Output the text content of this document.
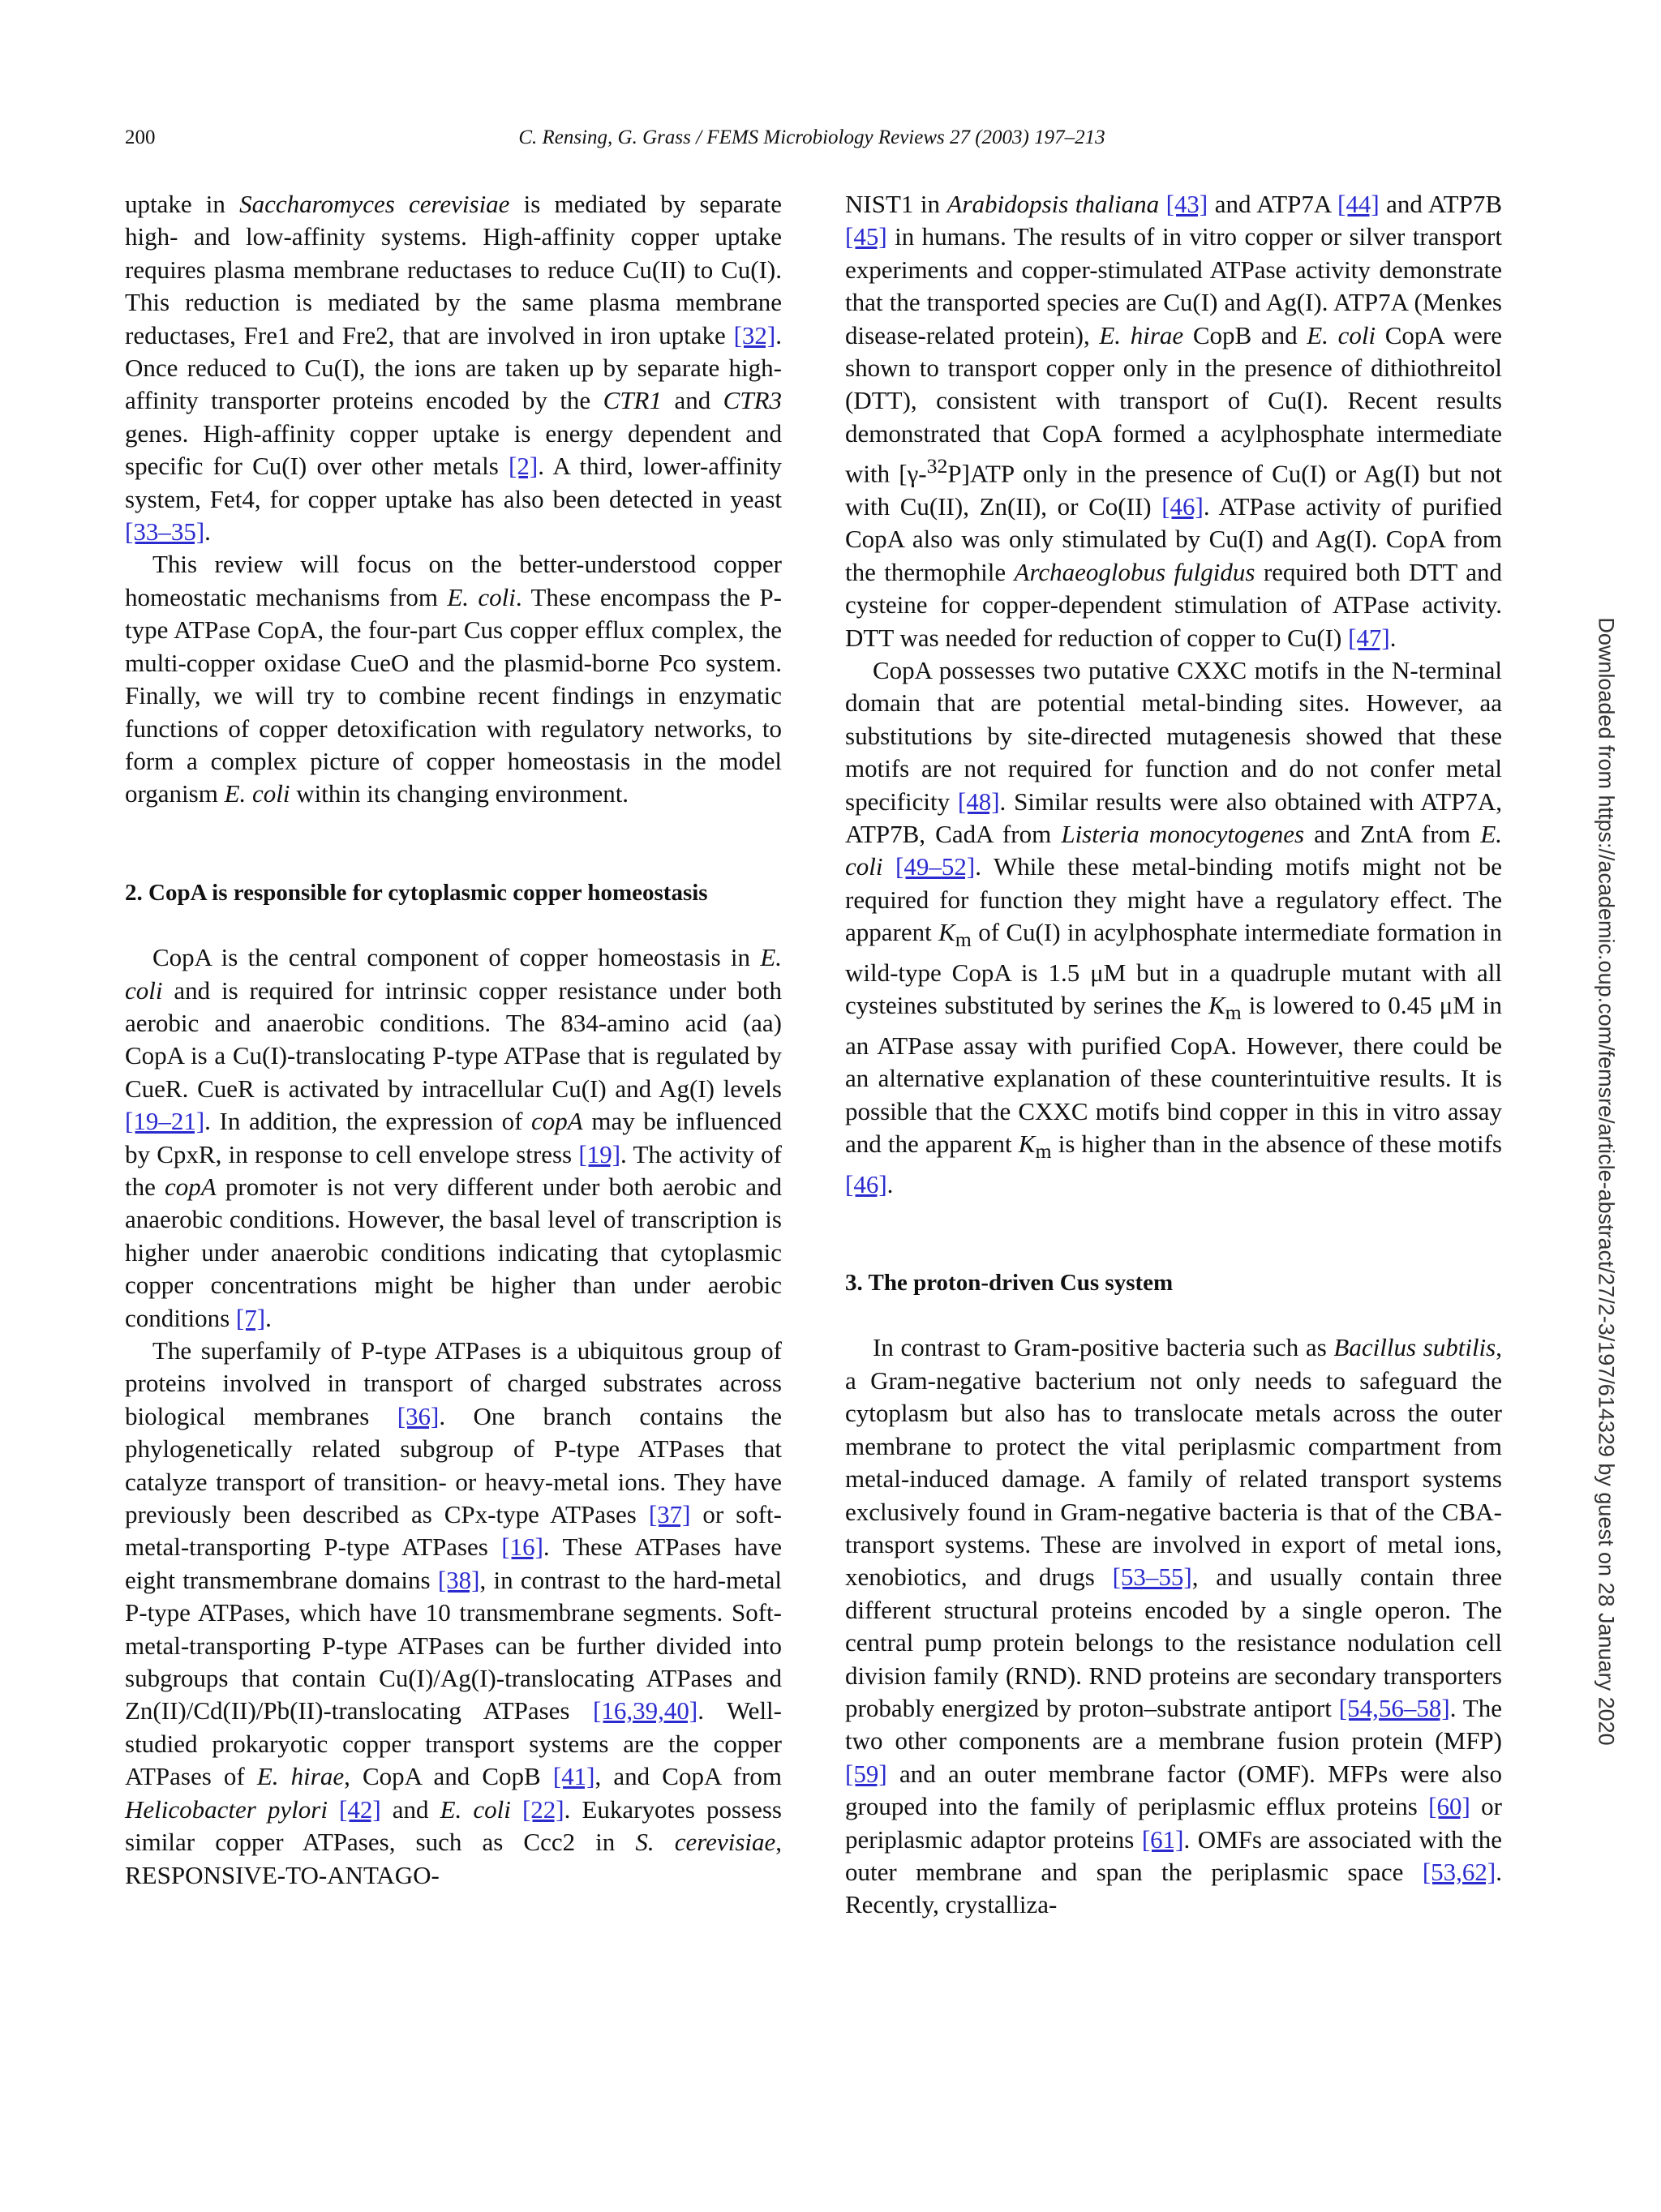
200	C. Rensing, G. Grass / FEMS Microbiology Reviews 27 (2003) 197–213

uptake in Saccharomyces cerevisiae is mediated by separate high- and low-affinity systems. High-affinity copper uptake requires plasma membrane reductases to reduce Cu(II) to Cu(I). This reduction is mediated by the same plasma membrane reductases, Fre1 and Fre2, that are involved in iron uptake [32]. Once reduced to Cu(I), the ions are taken up by separate high-affinity transporter proteins encoded by the CTR1 and CTR3 genes. High-affinity copper uptake is energy dependent and specific for Cu(I) over other metals [2]. A third, lower-affinity system, Fet4, for copper uptake has also been detected in yeast [33–35].

This review will focus on the better-understood copper homeostatic mechanisms from E. coli. These encompass the P-type ATPase CopA, the four-part Cus copper efflux complex, the multi-copper oxidase CueO and the plasmid-borne Pco system. Finally, we will try to combine recent findings in enzymatic functions of copper detoxification with regulatory networks, to form a complex picture of copper homeostasis in the model organism E. coli within its changing environment.

2. CopA is responsible for cytoplasmic copper homeostasis

CopA is the central component of copper homeostasis in E. coli and is required for intrinsic copper resistance under both aerobic and anaerobic conditions. The 834-amino acid (aa) CopA is a Cu(I)-translocating P-type ATPase that is regulated by CueR. CueR is activated by intracellular Cu(I) and Ag(I) levels [19–21]. In addition, the expression of copA may be influenced by CpxR, in response to cell envelope stress [19]. The activity of the copA promoter is not very different under both aerobic and anaerobic conditions. However, the basal level of transcription is higher under anaerobic conditions indicating that cytoplasmic copper concentrations might be higher than under aerobic conditions [7].

The superfamily of P-type ATPases is a ubiquitous group of proteins involved in transport of charged substrates across biological membranes [36]. One branch contains the phylogenetically related subgroup of P-type ATPases that catalyze transport of transition- or heavy-metal ions. They have previously been described as CPx-type ATPases [37] or soft-metal-transporting P-type ATPases [16]. These ATPases have eight transmembrane domains [38], in contrast to the hard-metal P-type ATPases, which have 10 transmembrane segments. Soft-metal-transporting P-type ATPases can be further divided into subgroups that contain Cu(I)/Ag(I)-translocating ATPases and Zn(II)/Cd(II)/Pb(II)-translocating ATPases [16,39,40]. Well-studied prokaryotic copper transport systems are the copper ATPases of E. hirae, CopA and CopB [41], and CopA from Helicobacter pylori [42] and E. coli [22]. Eukaryotes possess similar copper ATPases, such as Ccc2 in S. cerevisiae, RESPONSIVE-TO-ANTAGO-

NIST1 in Arabidopsis thaliana [43] and ATP7A [44] and ATP7B [45] in humans. The results of in vitro copper or silver transport experiments and copper-stimulated ATPase activity demonstrate that the transported species are Cu(I) and Ag(I). ATP7A (Menkes disease-related protein), E. hirae CopB and E. coli CopA were shown to transport copper only in the presence of dithiothreitol (DTT), consistent with transport of Cu(I). Recent results demonstrated that CopA formed a acylphosphate intermediate with [γ-$^{32}$P]ATP only in the presence of Cu(I) or Ag(I) but not with Cu(II), Zn(II), or Co(II) [46]. ATPase activity of purified CopA also was only stimulated by Cu(I) and Ag(I). CopA from the thermophile Archaeoglobus fulgidus required both DTT and cysteine for copper-dependent stimulation of ATPase activity. DTT was needed for reduction of copper to Cu(I) [47].

CopA possesses two putative CXXC motifs in the N-terminal domain that are potential metal-binding sites. However, aa substitutions by site-directed mutagenesis showed that these motifs are not required for function and do not confer metal specificity [48]. Similar results were also obtained with ATP7A, ATP7B, CadA from Listeria monocytogenes and ZntA from E. coli [49–52]. While these metal-binding motifs might not be required for function they might have a regulatory effect. The apparent $K_m$ of Cu(I) in acylphosphate intermediate formation in wild-type CopA is 1.5 μM but in a quadruple mutant with all cysteines substituted by serines the $K_m$ is lowered to 0.45 μM in an ATPase assay with purified CopA. However, there could be an alternative explanation of these counterintuitive results. It is possible that the CXXC motifs bind copper in this in vitro assay and the apparent $K_m$ is higher than in the absence of these motifs [46].

3. The proton-driven Cus system

In contrast to Gram-positive bacteria such as Bacillus subtilis, a Gram-negative bacterium not only needs to safeguard the cytoplasm but also has to translocate metals across the outer membrane to protect the vital periplasmic compartment from metal-induced damage. A family of related transport systems exclusively found in Gram-negative bacteria is that of the CBA-transport systems. These are involved in export of metal ions, xenobiotics, and drugs [53–55], and usually contain three different structural proteins encoded by a single operon. The central pump protein belongs to the resistance nodulation cell division family (RND). RND proteins are secondary transporters probably energized by proton–substrate antiport [54,56–58]. The two other components are a membrane fusion protein (MFP) [59] and an outer membrane factor (OMF). MFPs were also grouped into the family of periplasmic efflux proteins [60] or periplasmic adaptor proteins [61]. OMFs are associated with the outer membrane and span the periplasmic space [53,62]. Recently, crystalliza-

Downloaded from https://academic.oup.com/femsre/article-abstract/27/2-3/197/614329 by guest on 28 January 2020
